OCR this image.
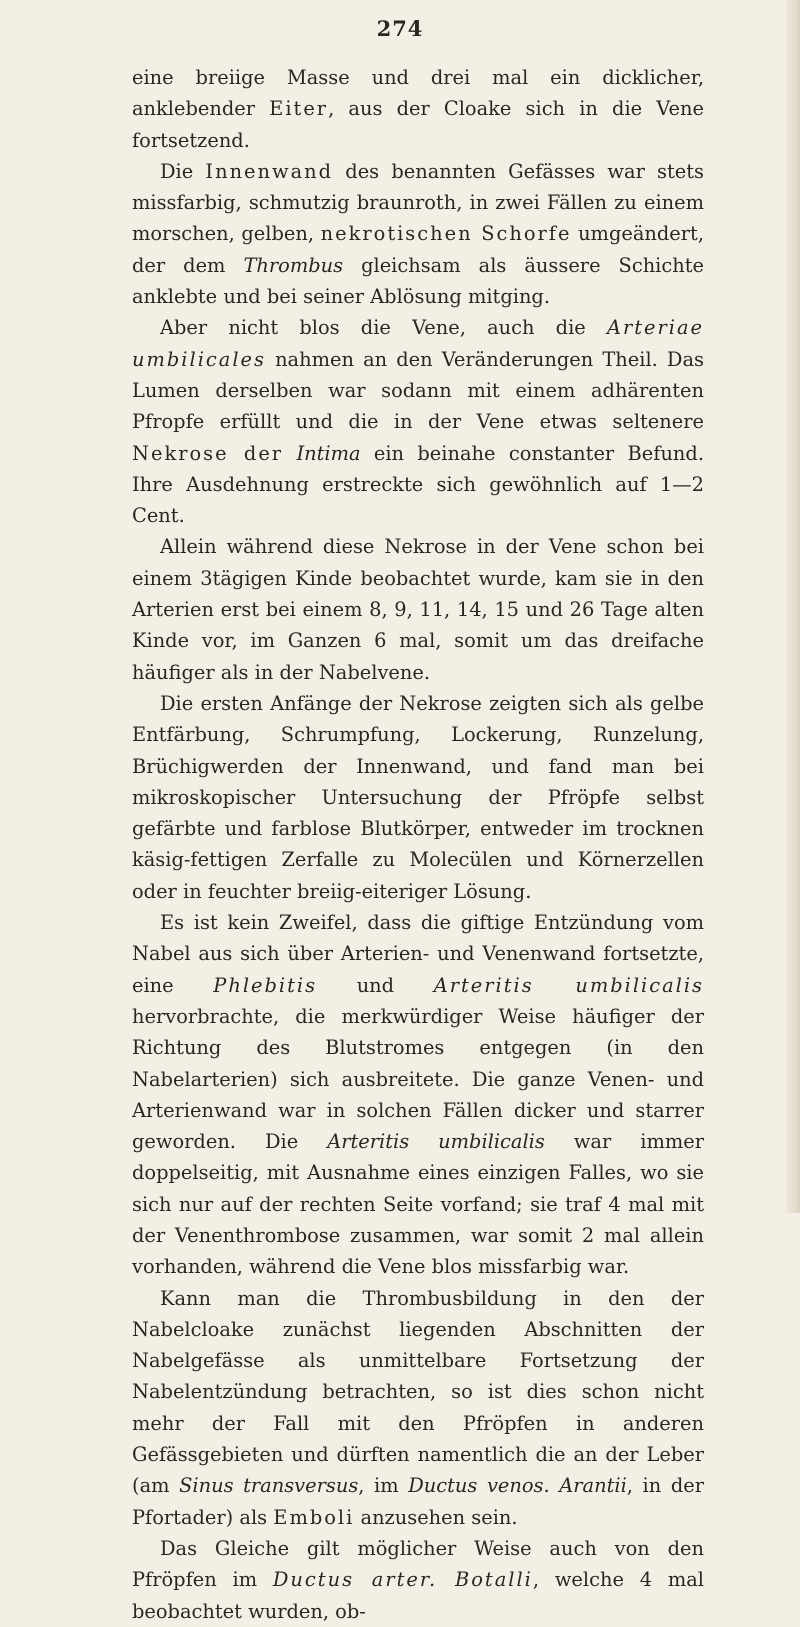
274

eine breiige Masse und drei mal ein dicklicher, anklebender Eiter, aus der Cloake sich in die Vene fortsetzend.

Die Innenwand des benannten Gefässes war stets missfarbig, schmutzig braunroth, in zwei Fällen zu einem morschen, gelben, nekrotischen Schorfe umgeändert, der dem Thrombus gleichsam als äussere Schichte anklebte und bei seiner Ablösung mitging.

Aber nicht blos die Vene, auch die Arteriae umbilicales nahmen an den Veränderungen Theil. Das Lumen derselben war sodann mit einem adhärenten Pfropfe erfüllt und die in der Vene etwas seltenere Nekrose der Intima ein beinahe constanter Befund. Ihre Ausdehnung erstreckte sich gewöhnlich auf 1—2 Cent.

Allein während diese Nekrose in der Vene schon bei einem 3tägigen Kinde beobachtet wurde, kam sie in den Arterien erst bei einem 8, 9, 11, 14, 15 und 26 Tage alten Kinde vor, im Ganzen 6 mal, somit um das dreifache häufiger als in der Nabelvene.

Die ersten Anfänge der Nekrose zeigten sich als gelbe Entfärbung, Schrumpfung, Lockerung, Runzelung, Brüchigwerden der Innenwand, und fand man bei mikroskopischer Untersuchung der Pfröpfe selbst gefärbte und farblose Blutkörper, entweder im trocknen käsig-fettigen Zerfalle zu Molecülen und Körnerzellen oder in feuchter breiig-eiteriger Lösung.

Es ist kein Zweifel, dass die giftige Entzündung vom Nabel aus sich über Arterien- und Venenwand fortsetzte, eine Phlebitis und Arteritis umbilicalis hervorbrachte, die merkwürdiger Weise häufiger der Richtung des Blutstromes entgegen (in den Nabelarterien) sich ausbreitete. Die ganze Venen- und Arterienwand war in solchen Fällen dicker und starrer geworden. Die Arteritis umbilicalis war immer doppelseitig, mit Ausnahme eines einzigen Falles, wo sie sich nur auf der rechten Seite vorfand; sie traf 4 mal mit der Venenthrombose zusammen, war somit 2 mal allein vorhanden, während die Vene blos missfarbig war.

Kann man die Thrombusbildung in den der Nabelcloake zunächst liegenden Abschnitten der Nabelgefässe als unmittelbare Fortsetzung der Nabelentzündung betrachten, so ist dies schon nicht mehr der Fall mit den Pfröpfen in anderen Gefässgebieten und dürften namentlich die an der Leber (am Sinus transversus, im Ductus venos. Arantii, in der Pfortader) als Emboli anzusehen sein.

Das Gleiche gilt möglicher Weise auch von den Pfröpfen im Ductus arter. Botalli, welche 4 mal beobachtet wurden, ob-
